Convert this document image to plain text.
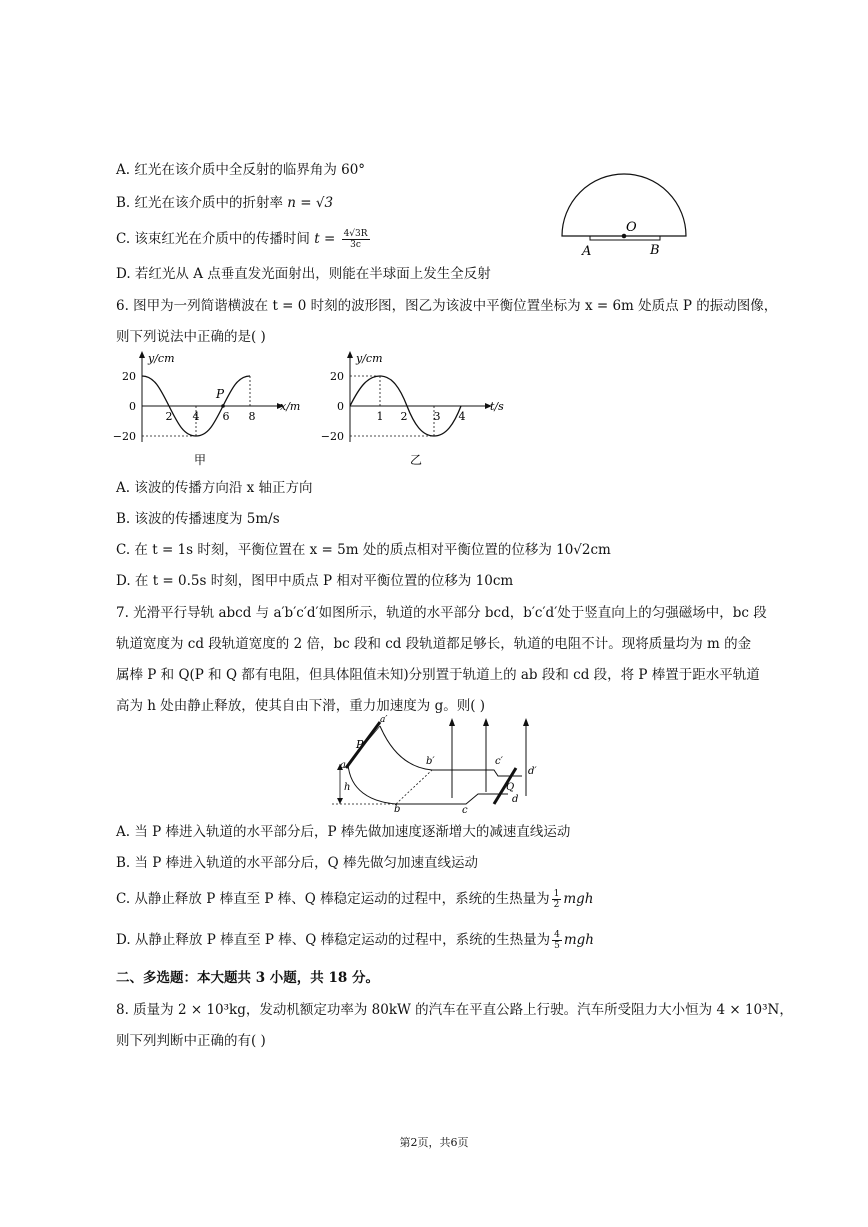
A. 红光在该介质中全反射的临界角为 60°
B. 红光在该介质中的折射率 n = √3
C. 该束红光在介质中的传播时间 $t = \frac{4√3R}{3c}$
D. 若红光从 A 点垂直发光面射出，则能在半球面上发生全反射
O
A	B
6. 图甲为一列简谐横波在 t = 0 时刻的波形图，图乙为该波中平衡位置坐标为 x = 6m 处质点 P 的振动图像，
则下列说法中正确的是( )
y/cm
x/m
20
0
−20
P
2 4 6 8
甲
y/cm
t/s
20
0
−20
1 2 3 4
乙
A. 该波的传播方向沿 x 轴正方向
B. 该波的传播速度为 5m/s
C. 在 t = 1s 时刻，平衡位置在 x = 5m 处的质点相对平衡位置的位移为 10√2cm
D. 在 t = 0.5s 时刻，图甲中质点 P 相对平衡位置的位移为 10cm
7. 光滑平行导轨 abcd 与 a′b′c′d′如图所示，轨道的水平部分 bcd，b′c′d′处于竖直向上的匀强磁场中，bc 段
轨道宽度为 cd 段轨道宽度的 2 倍，bc 段和 cd 段轨道都足够长，轨道的电阻不计。现将质量均为 m 的金
属棒 P 和 Q(P 和 Q 都有电阻，但具体阻值未知)分别置于轨道上的 ab 段和 cd 段，将 P 棒置于距水平轨道
高为 h 处由静止释放，使其自由下滑，重力加速度为 g。则( )
a′
P
a
h
b
b′
c
c′
d
d′
Q
A. 当 P 棒进入轨道的水平部分后，P 棒先做加速度逐渐增大的减速直线运动
B. 当 P 棒进入轨道的水平部分后，Q 棒先做匀加速直线运动
C. 从静止释放 P 棒直至 P 棒、Q 棒稳定运动的过程中，系统的生热量为 $\frac{1}{2}$ mgh
D. 从静止释放 P 棒直至 P 棒、Q 棒稳定运动的过程中，系统的生热量为 $\frac{4}{5}$ mgh
二、多选题：本大题共 3 小题，共 18 分。
8. 质量为 2 × 10³kg，发动机额定功率为 80kW 的汽车在平直公路上行驶。汽车所受阻力大小恒为 4 × 10³N，
则下列判断中正确的有( )
第2页，共6页
